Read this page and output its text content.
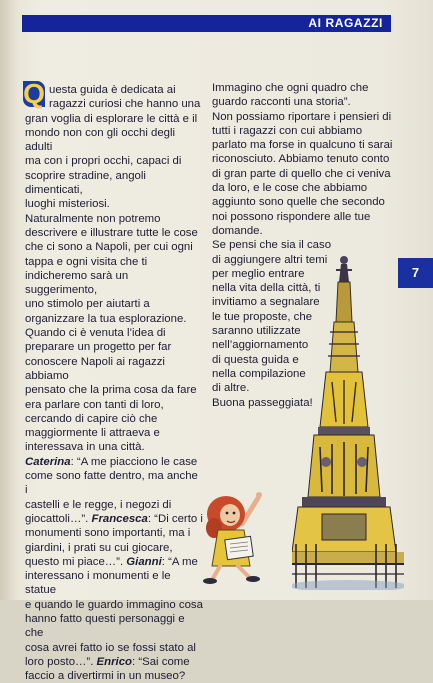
AI RAGAZZI

Q uesta guida è dedicata ai
ragazzi curiosi che hanno una
gran voglia di esplorare le città e il
mondo non con gli occhi degli adulti
ma con i propri occhi, capaci di
scoprire stradine, angoli dimenticati,
luoghi misteriosi.
Naturalmente non potremo
descrivere e illustrare tutte le cose
che ci sono a Napoli, per cui ogni
tappa e ogni visita che ti
indicheremo sarà un suggerimento,
uno stimolo per aiutarti a
organizzare la tua esplorazione.
Quando ci è venuta l’idea di
preparare un progetto per far
conoscere Napoli ai ragazzi abbiamo
pensato che la prima cosa da fare
era parlare con tanti di loro,
cercando di capire ciò che
maggiormente li attraeva e
interessava in una città.
Caterina: “A me piacciono le case
come sono fatte dentro, ma anche i
castelli e le regge, i negozi di
giocattoli…”. Francesca: “Di certo i
monumenti sono importanti, ma i
giardini, i prati su cui giocare,
questo mi piace…”. Gianni: “A me
interessano i monumenti e le statue
e quando le guardo immagino cosa
hanno fatto questi personaggi e che
cosa avrei fatto io se fossi stato al
loro posto…”. Enrico: “Sai come
faccio a divertirmi in un museo?

Immagino che ogni quadro che
guardo racconti una storia”.
Non possiamo riportare i pensieri di
tutti i ragazzi con cui abbiamo
parlato ma forse in qualcuno ti sarai
riconosciuto. Abbiamo tenuto conto
di gran parte di quello che ci veniva
da loro, e le cose che abbiamo
aggiunto sono quelle che secondo
noi possono rispondere alle tue
domande.
Se pensi che sia il caso
di aggiungere altri temi
per meglio entrare
nella vita della città, ti
invitiamo a segnalare
le tue proposte, che
saranno utilizzate
nell’aggiornamento
di questa guida e
nella compilazione
di altre.
Buona passeggiata!

7
